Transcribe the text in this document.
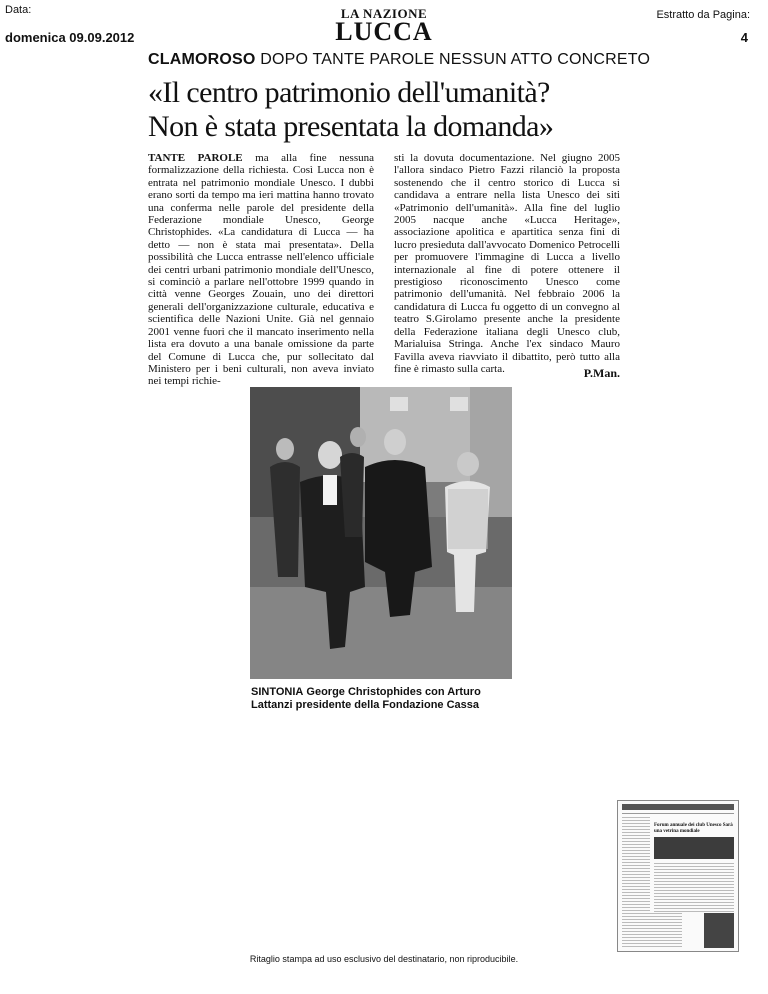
Data:
domenica 09.09.2012
LA NAZIONE
LUCCA
Estratto da Pagina:
4
CLAMOROSO DOPO TANTE PAROLE NESSUN ATTO CONCRETO
«Il centro patrimonio dell'umanità?
Non è stata presentata la domanda»
TANTE PAROLE ma alla fine nessuna formalizzazione della richiesta. Così Lucca non è entrata nel patrimonio mondiale Unesco. I dubbi erano sorti da tempo ma ieri mattina hanno trovato una conferma nelle parole del presidente della Federazione mondiale Unesco, George Christophides. «La candidatura di Lucca — ha detto — non è stata mai presentata». Della possibilità che Lucca entrasse nell'elenco ufficiale dei centri urbani patrimonio mondiale dell'Unesco, si cominciò a parlare nell'ottobre 1999 quando in città venne Georges Zouain, uno dei direttori generali dell'organizzazione culturale, educativa e scientifica delle Nazioni Unite. Già nel gennaio 2001 venne fuori che il mancato inserimento nella lista era dovuto a una banale omissione da parte del Comune di Lucca che, pur sollecitato dal Ministero per i beni culturali, non aveva inviato nei tempi richie-
sti la dovuta documentazione. Nel giugno 2005 l'allora sindaco Pietro Fazzi rilanciò la proposta sostenendo che il centro storico di Lucca si candidava a entrare nella lista Unesco dei siti «Patrimonio dell'umanità». Alla fine del luglio 2005 nacque anche «Lucca Heritage», associazione apolitica e apartitica senza fini di lucro presieduta dall'avvocato Domenico Petrocelli per promuovere l'immagine di Lucca a livello internazionale al fine di potere ottenere il prestigioso riconoscimento Unesco come patrimonio dell'umanità. Nel febbraio 2006 la candidatura di Lucca fu oggetto di un convegno al teatro S.Girolamo presente anche la presidente della Federazione italiana degli Unesco club, Marialuisa Stringa. Anche l'ex sindaco Mauro Favilla aveva riavviato il dibattito, però tutto alla fine è rimasto sulla carta.	P.Man.
SINTONIA George Christophides con Arturo Lattanzi presidente della Fondazione Cassa
Forum annuale dei club Unesco Sarà una vetrina mondiale
Ritaglio stampa ad uso esclusivo del destinatario, non riproducibile.
